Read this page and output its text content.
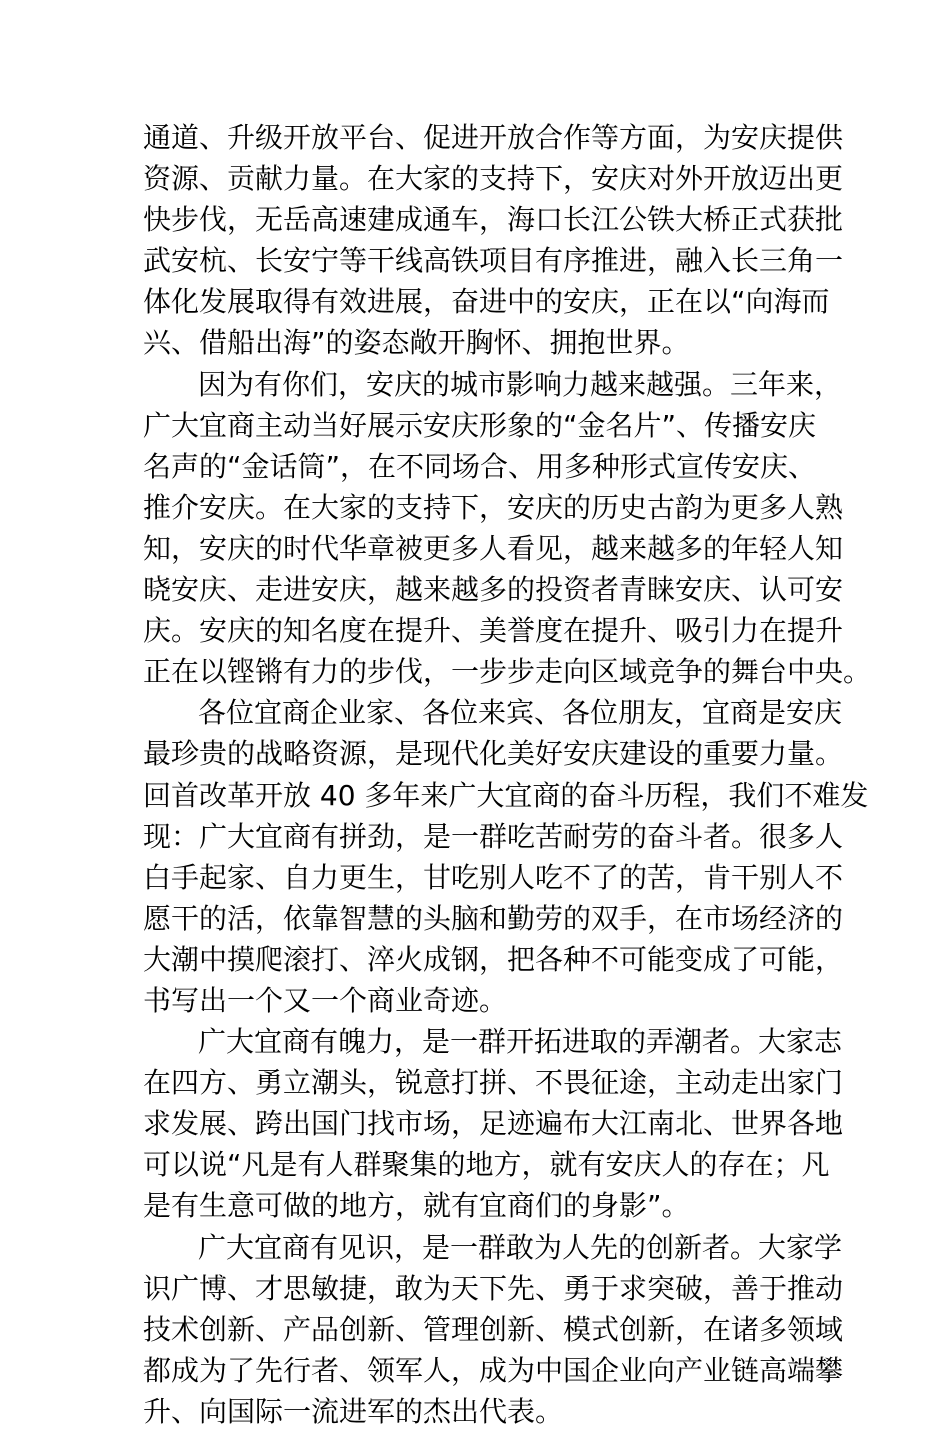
通道、升级开放平台、促进开放合作等方面，为安庆提供
资源、贡献力量。在大家的支持下，安庆对外开放迈出更
快步伐，无岳高速建成通车，海口长江公铁大桥正式获批
武安杭、长安宁等干线高铁项目有序推进，融入长三角一
体化发展取得有效进展，奋进中的安庆，正在以“向海而
兴、借船出海”的姿态敞开胸怀、拥抱世界。
因为有你们，安庆的城市影响力越来越强。三年来，
广大宜商主动当好展示安庆形象的“金名片”、传播安庆
名声的“金话筒”，在不同场合、用多种形式宣传安庆、
推介安庆。在大家的支持下，安庆的历史古韵为更多人熟
知，安庆的时代华章被更多人看见，越来越多的年轻人知
晓安庆、走进安庆，越来越多的投资者青睐安庆、认可安
庆。安庆的知名度在提升、美誉度在提升、吸引力在提升
正在以铿锵有力的步伐，一步步走向区域竞争的舞台中央。
各位宜商企业家、各位来宾、各位朋友，宜商是安庆
最珍贵的战略资源，是现代化美好安庆建设的重要力量。
回首改革开放 40 多年来广大宜商的奋斗历程，我们不难发
现：广大宜商有拼劲，是一群吃苦耐劳的奋斗者。很多人
白手起家、自力更生，甘吃别人吃不了的苦，肯干别人不
愿干的活，依靠智慧的头脑和勤劳的双手，在市场经济的
大潮中摸爬滚打、淬火成钢，把各种不可能变成了可能，
书写出一个又一个商业奇迹。
广大宜商有魄力，是一群开拓进取的弄潮者。大家志
在四方、勇立潮头，锐意打拼、不畏征途，主动走出家门
求发展、跨出国门找市场，足迹遍布大江南北、世界各地
可以说“凡是有人群聚集的地方，就有安庆人的存在；凡
是有生意可做的地方，就有宜商们的身影”。
广大宜商有见识，是一群敢为人先的创新者。大家学
识广博、才思敏捷，敢为天下先、勇于求突破，善于推动
技术创新、产品创新、管理创新、模式创新，在诸多领域
都成为了先行者、领军人，成为中国企业向产业链高端攀
升、向国际一流进军的杰出代表。
